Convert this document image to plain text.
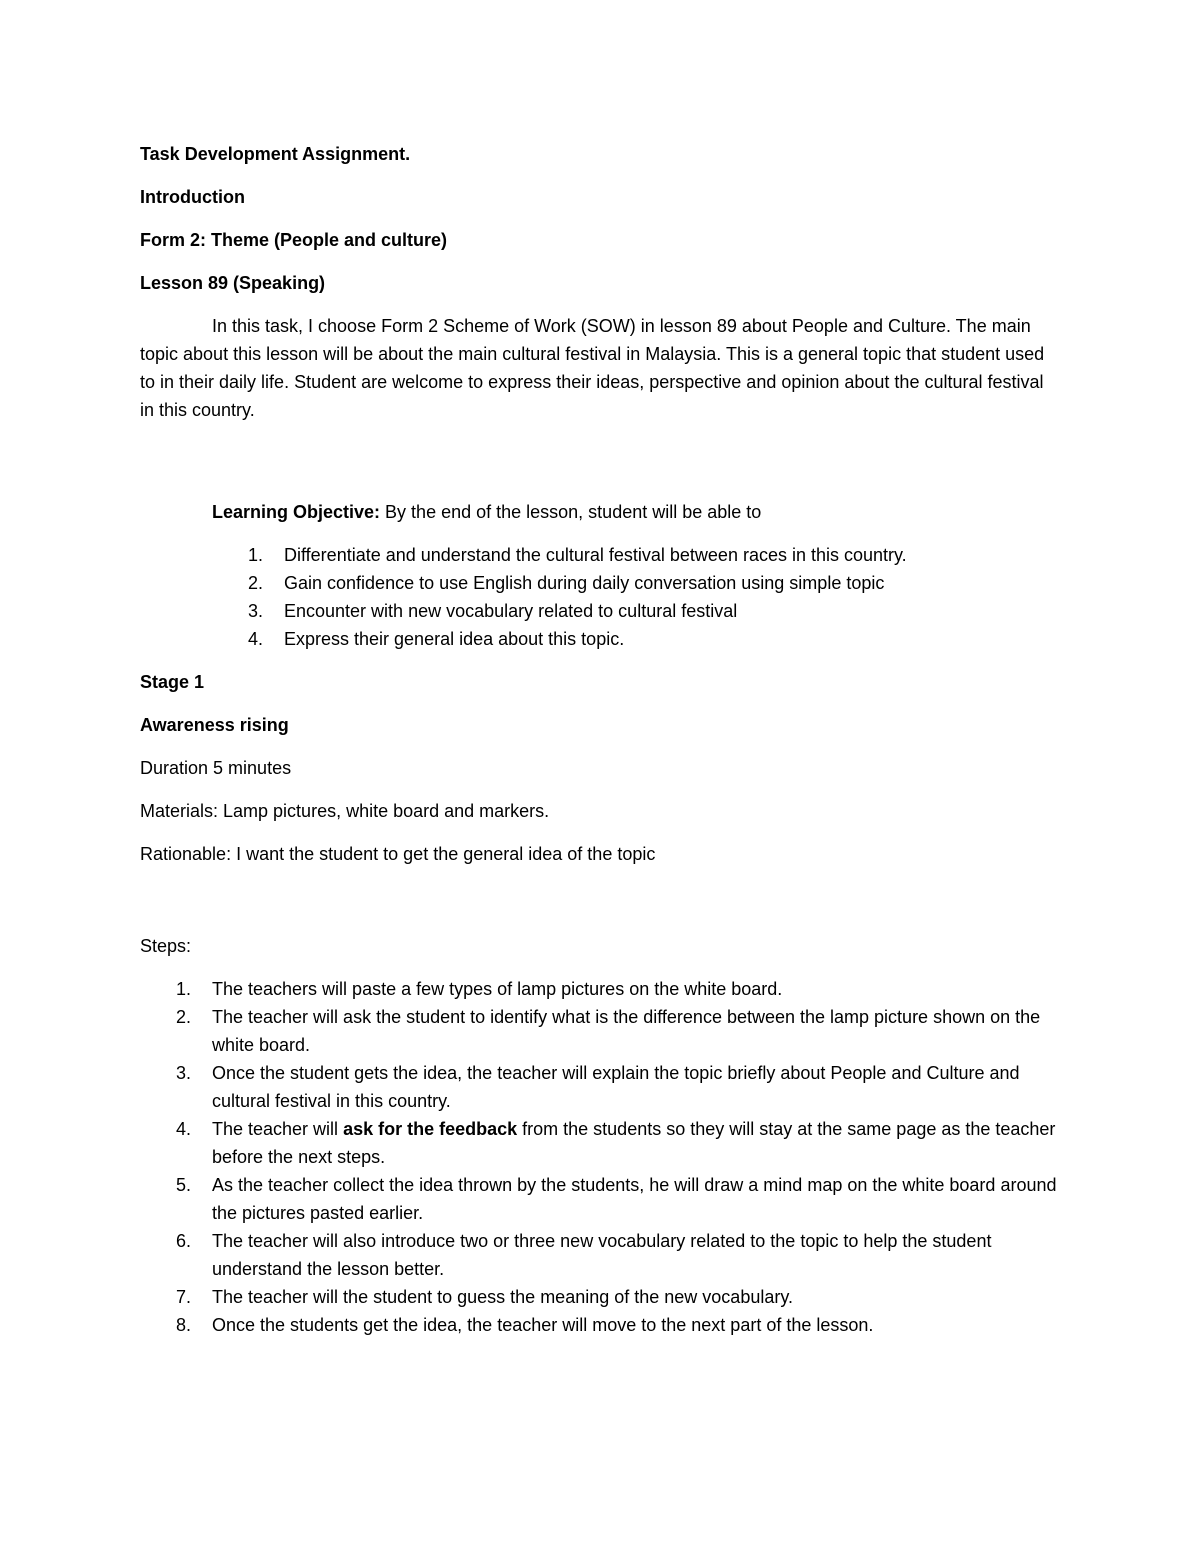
Task Development Assignment.

Introduction

Form 2: Theme (People and culture)

Lesson 89 (Speaking)

In this task, I choose Form 2 Scheme of Work (SOW) in lesson 89 about People and Culture. The main topic about this lesson will be about the main cultural festival in Malaysia. This is a general topic that student used to in their daily life. Student are welcome to express their ideas, perspective and opinion about the cultural festival in this country.

Learning Objective: By the end of the lesson, student will be able to

1.	Differentiate and understand the cultural festival between races in this country.
2.	Gain confidence to use English during daily conversation using simple topic
3.	Encounter with new vocabulary related to cultural festival
4.	Express their general idea about this topic.

Stage 1

Awareness rising

Duration 5 minutes

Materials: Lamp pictures, white board and markers.

Rationable: I want the student to get the general idea of the topic

Steps:

1.	The teachers will paste a few types of lamp pictures on the white board.
2.	The teacher will ask the student to identify what is the difference between the lamp picture shown on the white board.
3.	Once the student gets the idea, the teacher will explain the topic briefly about People and Culture and cultural festival in this country.
4.	The teacher will ask for the feedback from the students so they will stay at the same page as the teacher before the next steps.
5.	As the teacher collect the idea thrown by the students, he will draw a mind map on the white board around the pictures pasted earlier.
6.	The teacher will also introduce two or three new vocabulary related to the topic to help the student understand the lesson better.
7.	The teacher will the student to guess the meaning of the new vocabulary.
8.	Once the students get the idea, the teacher will move to the next part of the lesson.
